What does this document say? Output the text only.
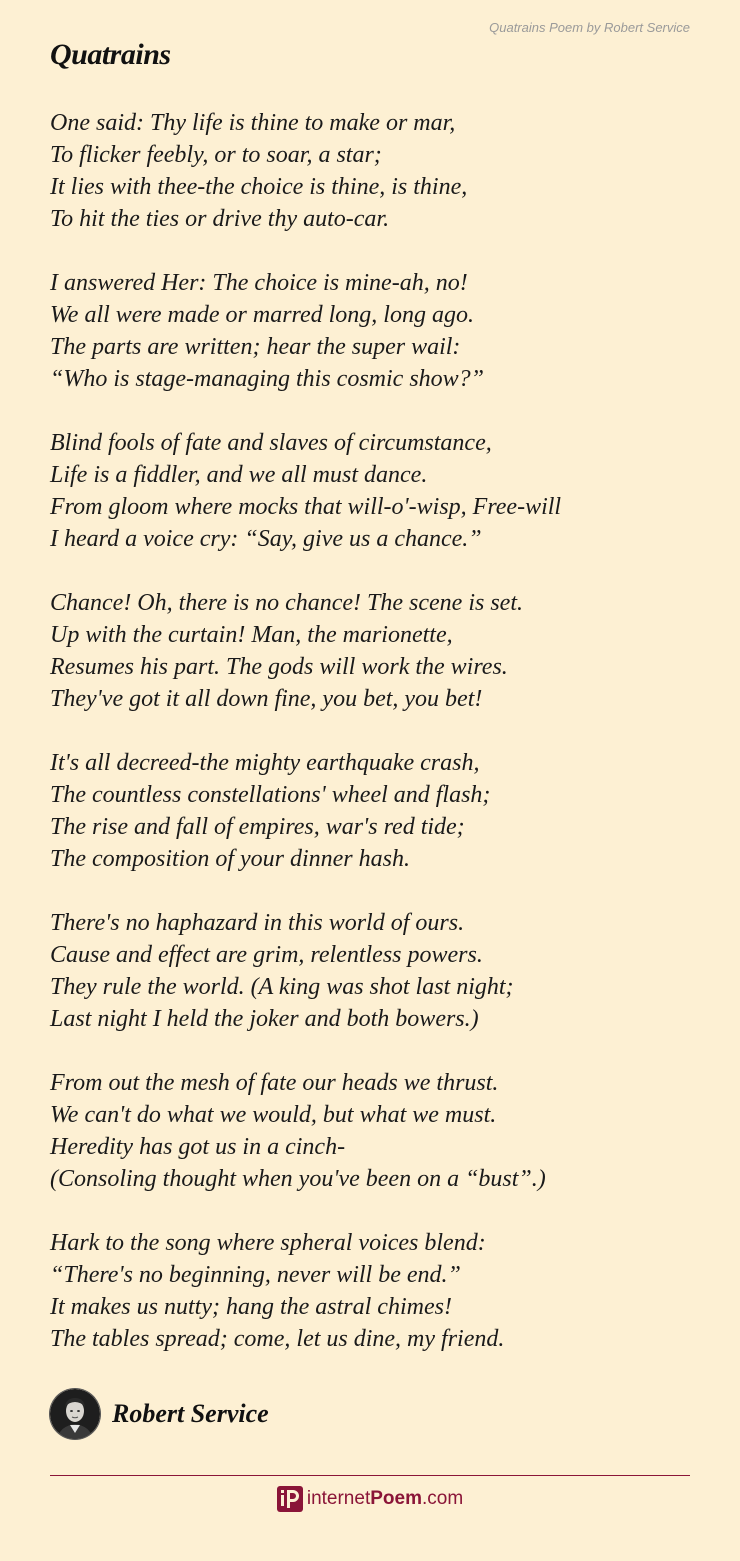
Quatrains Poem by Robert Service
Quatrains
One said: Thy life is thine to make or mar,
To flicker feebly, or to soar, a star;
It lies with thee-the choice is thine, is thine,
To hit the ties or drive thy auto-car.
I answered Her: The choice is mine-ah, no!
We all were made or marred long, long ago.
The parts are written; hear the super wail:
“Who is stage-managing this cosmic show?”
Blind fools of fate and slaves of circumstance,
Life is a fiddler, and we all must dance.
From gloom where mocks that will-o'-wisp, Free-will
I heard a voice cry: “Say, give us a chance.”
Chance! Oh, there is no chance! The scene is set.
Up with the curtain! Man, the marionette,
Resumes his part. The gods will work the wires.
They've got it all down fine, you bet, you bet!
It's all decreed-the mighty earthquake crash,
The countless constellations' wheel and flash;
The rise and fall of empires, war's red tide;
The composition of your dinner hash.
There's no haphazard in this world of ours.
Cause and effect are grim, relentless powers.
They rule the world. (A king was shot last night;
Last night I held the joker and both bowers.)
From out the mesh of fate our heads we thrust.
We can't do what we would, but what we must.
Heredity has got us in a cinch-
(Consoling thought when you've been on a “bust”.)
Hark to the song where spheral voices blend:
“There's no beginning, never will be end.”
It makes us nutty; hang the astral chimes!
The tables spread; come, let us dine, my friend.
Robert Service
internetPoem.com
